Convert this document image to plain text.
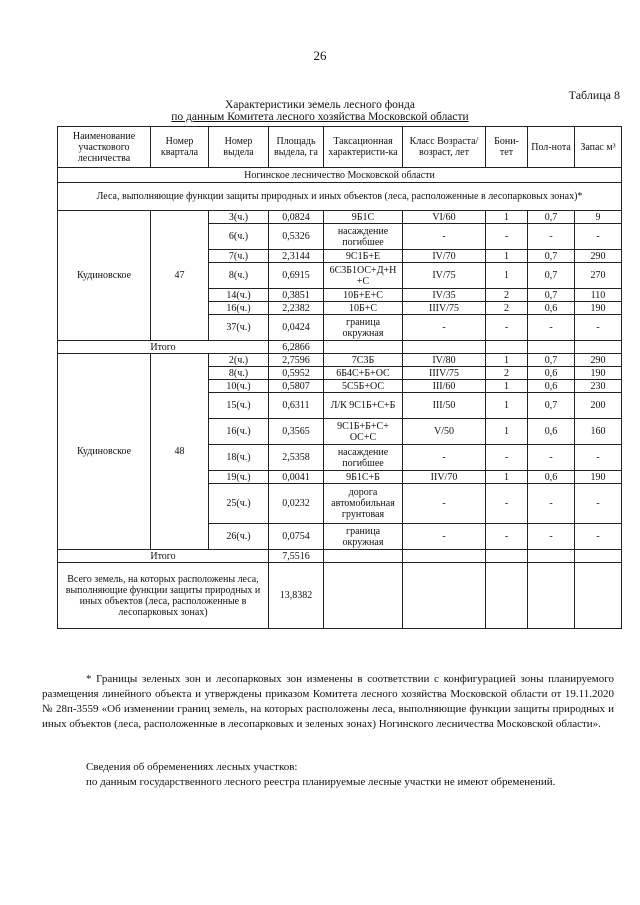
26
Таблица 8
Характеристики земель лесного фонда
по данным Комитета лесного хозяйства Московской области
Наименование участкового лесничества	Номер квартала	Номер выдела	Площадь выдела, га	Таксационная характеристи-ка	Класс Возраста/ возраст, лет	Бони-тет	Пол-нота	Запас м³
Ногинское лесничество Московской области								
Леса, выполняющие функции защиты природных и иных объектов (леса, расположенные в лесопарковых зонах)*								
Кудиновское	47	3(ч.)	0,0824	9Б1С	VI/60	1	0,7	9
		6(ч.)	0,5326	насаждение погибшее	-	-	-	-
		7(ч.)	2,3144	9С1Б+Е	IV/70	1	0,7	290
		8(ч.)	0,6915	6С3Б1ОС+Д+Н +С	IV/75	1	0,7	270
		14(ч.)	0,3851	10Б+Е+С	IV/35	2	0,7	110
		16(ч.)	2,2382	10Б+С	IIIV/75	2	0,6	190
		37(ч.)	0,0424	граница окружная	-	-	-	-
Итого			6,2866					
Кудиновское	48	2(ч.)	2,7596	7С3Б	IV/80	1	0,7	290
		8(ч.)	0,5952	6Б4С+Б+ОС	IIIV/75	2	0,6	190
		10(ч.)	0,5807	5С5Б+ОС	III/60	1	0,6	230
		15(ч.)	0,6311	Л/К 9С1Б+С+Б	III/50	1	0,7	200
		16(ч.)	0,3565	9С1Б+Б+С+ ОС+С	V/50	1	0,6	160
		18(ч.)	2,5358	насаждение погибшее	-	-	-	-
		19(ч.)	0,0041	9Б1С+Б	IIV/70	1	0,6	190
		25(ч.)	0,0232	дорога автомобильная грунтовая	-	-	-	-
		26(ч.)	0,0754	граница окружная	-	-	-	-
Итого			7,5516					
Всего земель, на которых расположены леса, выполняющие функции защиты природных и иных объектов (леса, расположенные в лесопарковых зонах)			13,8382					
* Границы зеленых зон и лесопарковых зон изменены в соответствии с конфигурацией зоны планируемого размещения линейного объекта и утверждены приказом Комитета лесного хозяйства Московской области от 19.11.2020 № 28п-3559 «Об изменении границ земель, на которых расположены леса, выполняющие функции защиты природных и иных объектов (леса, расположенные в лесопарковых и зеленых зонах) Ногинского лесничества Московской области».
Сведения об обременениях лесных участков:
по данным государственного лесного реестра планируемые лесные участки не имеют обременений.
